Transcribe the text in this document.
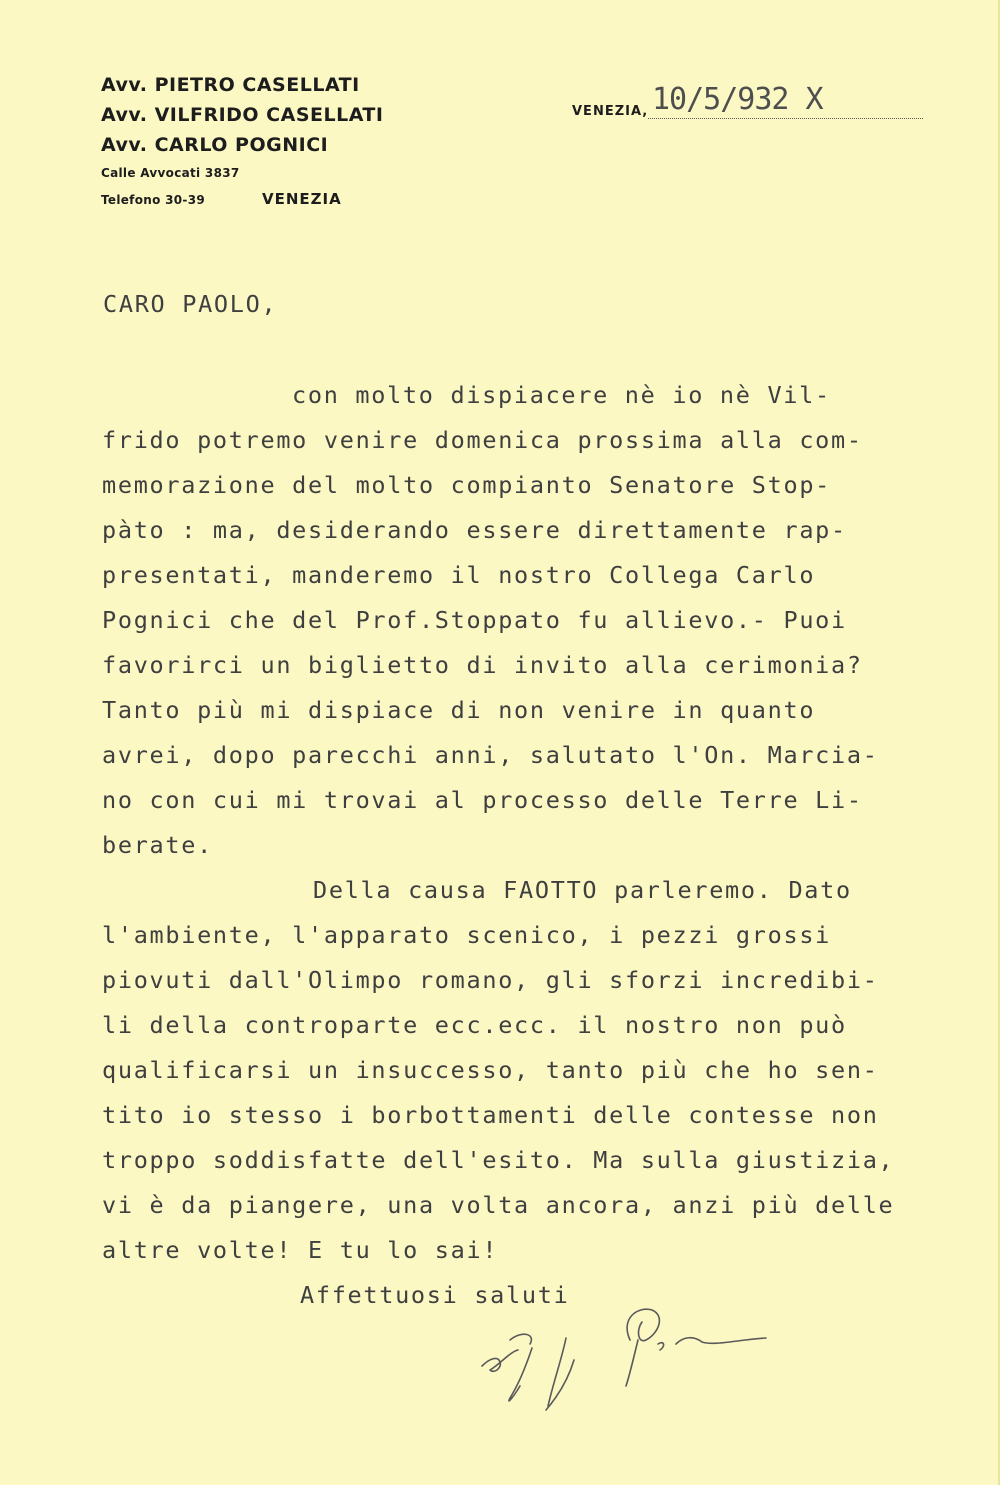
Avv. PIETRO CASELLATI
Avv. VILFRIDO CASELLATI
Avv. CARLO POGNICI
Calle Avvocati 3837
Telefono 30-39	VENEZIA
VENEZIA, 10/5/932 X
CARO PAOLO,
con molto dispiacere nè io nè Vil-
frido potremo venire domenica prossima alla com-
memorazione del molto compianto Senatore Stop-
pàto : ma, desiderando essere direttamente rap-
presentati, manderemo il nostro Collega Carlo
Pognici che del Prof.Stoppato fu allievo.- Puoi
favorirci un biglietto di invito alla cerimonia?
Tanto più mi dispiace di non venire in quanto
avrei, dopo parecchi anni, salutato l'On. Marcia-
no con cui mi trovai al processo delle Terre Li-
berate.
Della causa FAOTTO parleremo. Dato
l'ambiente, l'apparato scenico, i pezzi grossi
piovuti dall'Olimpo romano, gli sforzi incredibi-
li della controparte ecc.ecc. il nostro non può
qualificarsi un insuccesso, tanto più che ho sen-
tito io stesso i borbottamenti delle contesse non
troppo soddisfatte dell'esito. Ma sulla giustizia,
vi è da piangere, una volta ancora, anzi più delle
altre volte! E tu lo sai!
Affettuosi saluti
